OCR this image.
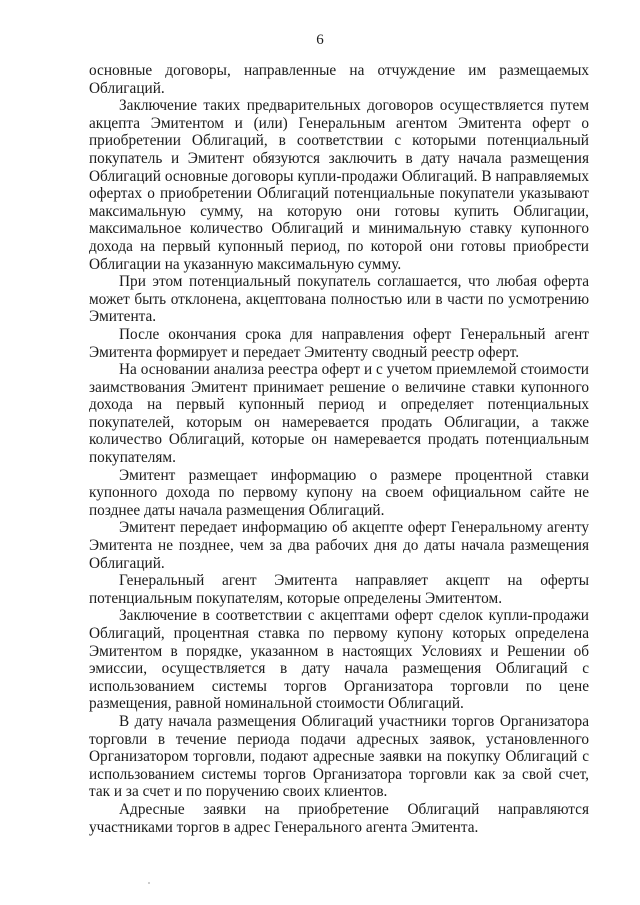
6

основные договоры, направленные на отчуждение им размещаемых Облигаций.

Заключение таких предварительных договоров осуществляется путем акцепта Эмитентом и (или) Генеральным агентом Эмитента оферт о приобретении Облигаций, в соответствии с которыми потенциальный покупатель и Эмитент обязуются заключить в дату начала размещения Облигаций основные договоры купли-продажи Облигаций. В направляемых офертах о приобретении Облигаций потенциальные покупатели указывают максимальную сумму, на которую они готовы купить Облигации, максимальное количество Облигаций и минимальную ставку купонного дохода на первый купонный период, по которой они готовы приобрести Облигации на указанную максимальную сумму.

При этом потенциальный покупатель соглашается, что любая оферта может быть отклонена, акцептована полностью или в части по усмотрению Эмитента.

После окончания срока для направления оферт Генеральный агент Эмитента формирует и передает Эмитенту сводный реестр оферт.

На основании анализа реестра оферт и с учетом приемлемой стоимости заимствования Эмитент принимает решение о величине ставки купонного дохода на первый купонный период и определяет потенциальных покупателей, которым он намеревается продать Облигации, а также количество Облигаций, которые он намеревается продать потенциальным покупателям.

Эмитент размещает информацию о размере процентной ставки купонного дохода по первому купону на своем официальном сайте не позднее даты начала размещения Облигаций.

Эмитент передает информацию об акцепте оферт Генеральному агенту Эмитента не позднее, чем за два рабочих дня до даты начала размещения Облигаций.

Генеральный агент Эмитента направляет акцепт на оферты потенциальным покупателям, которые определены Эмитентом.

Заключение в соответствии с акцептами оферт сделок купли-продажи Облигаций, процентная ставка по первому купону которых определена Эмитентом в порядке, указанном в настоящих Условиях и Решении об эмиссии, осуществляется в дату начала размещения Облигаций с использованием системы торгов Организатора торговли по цене размещения, равной номинальной стоимости Облигаций.

В дату начала размещения Облигаций участники торгов Организатора торговли в течение периода подачи адресных заявок, установленного Организатором торговли, подают адресные заявки на покупку Облигаций с использованием системы торгов Организатора торговли как за свой счет, так и за счет и по поручению своих клиентов.

Адресные заявки на приобретение Облигаций направляются участниками торгов в адрес Генерального агента Эмитента.
